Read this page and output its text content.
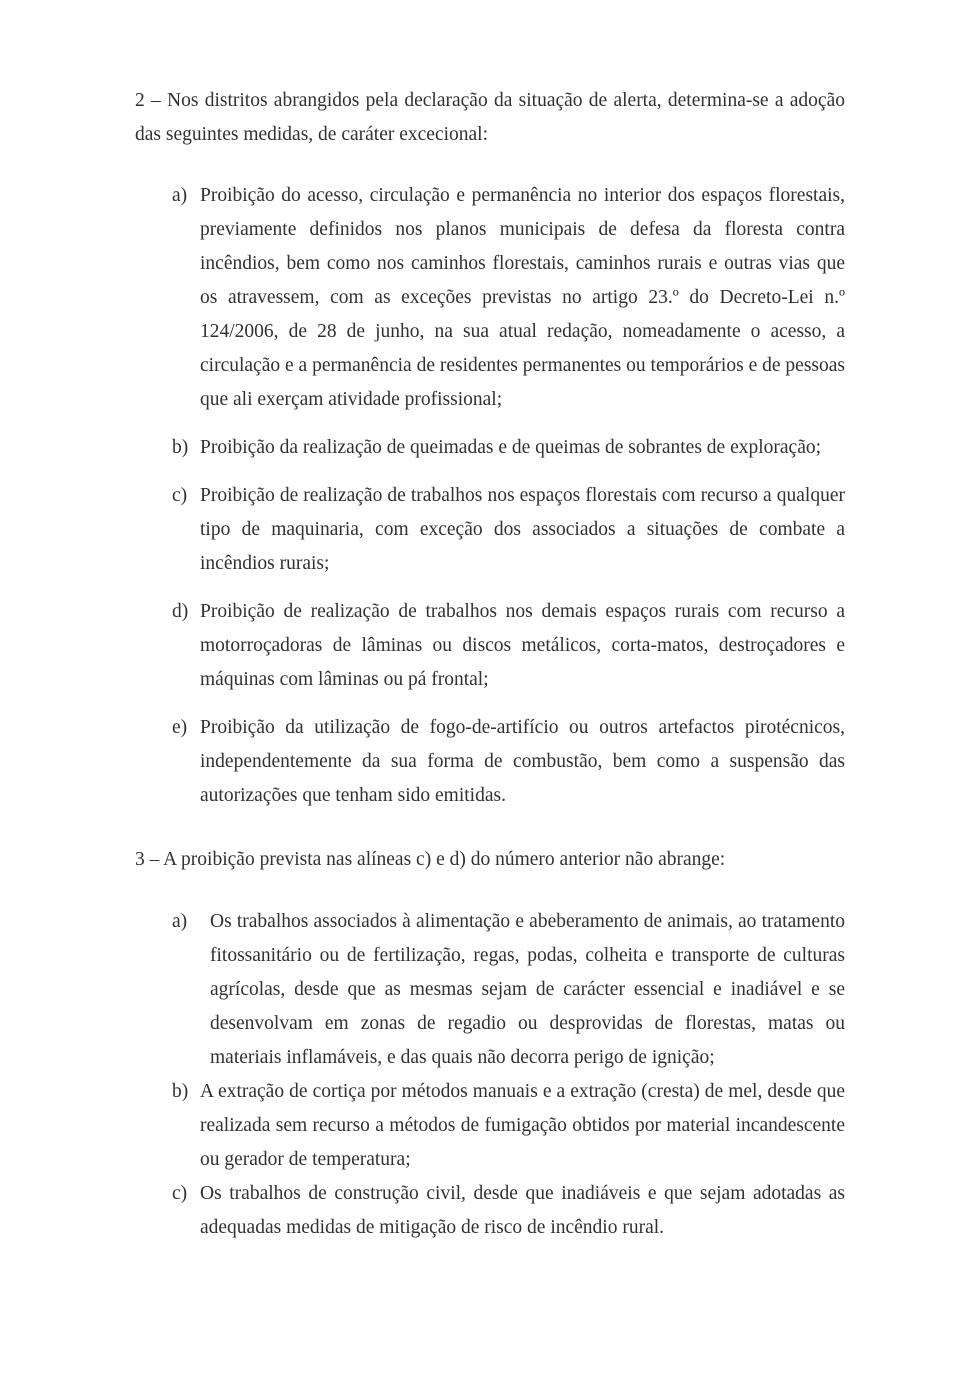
2 – Nos distritos abrangidos pela declaração da situação de alerta, determina-se a adoção das seguintes medidas, de caráter excecional:

a) Proibição do acesso, circulação e permanência no interior dos espaços florestais, previamente definidos nos planos municipais de defesa da floresta contra incêndios, bem como nos caminhos florestais, caminhos rurais e outras vias que os atravessem, com as exceções previstas no artigo 23.º do Decreto-Lei n.º 124/2006, de 28 de junho, na sua atual redação, nomeadamente o acesso, a circulação e a permanência de residentes permanentes ou temporários e de pessoas que ali exerçam atividade profissional;
b) Proibição da realização de queimadas e de queimas de sobrantes de exploração;
c) Proibição de realização de trabalhos nos espaços florestais com recurso a qualquer tipo de maquinaria, com exceção dos associados a situações de combate a incêndios rurais;
d) Proibição de realização de trabalhos nos demais espaços rurais com recurso a motorroçadoras de lâminas ou discos metálicos, corta-matos, destroçadores e máquinas com lâminas ou pá frontal;
e) Proibição da utilização de fogo-de-artifício ou outros artefactos pirotécnicos, independentemente da sua forma de combustão, bem como a suspensão das autorizações que tenham sido emitidas.

3 – A proibição prevista nas alíneas c) e d) do número anterior não abrange:

a)	Os trabalhos associados à alimentação e abeberamento de animais, ao tratamento fitossanitário ou de fertilização, regas, podas, colheita e transporte de culturas agrícolas, desde que as mesmas sejam de carácter essencial e inadiável e se desenvolvam em zonas de regadio ou desprovidas de florestas, matas ou materiais inflamáveis, e das quais não decorra perigo de ignição;
b) A extração de cortiça por métodos manuais e a extração (cresta) de mel, desde que realizada sem recurso a métodos de fumigação obtidos por material incandescente ou gerador de temperatura;
c) Os trabalhos de construção civil, desde que inadiáveis e que sejam adotadas as adequadas medidas de mitigação de risco de incêndio rural.
